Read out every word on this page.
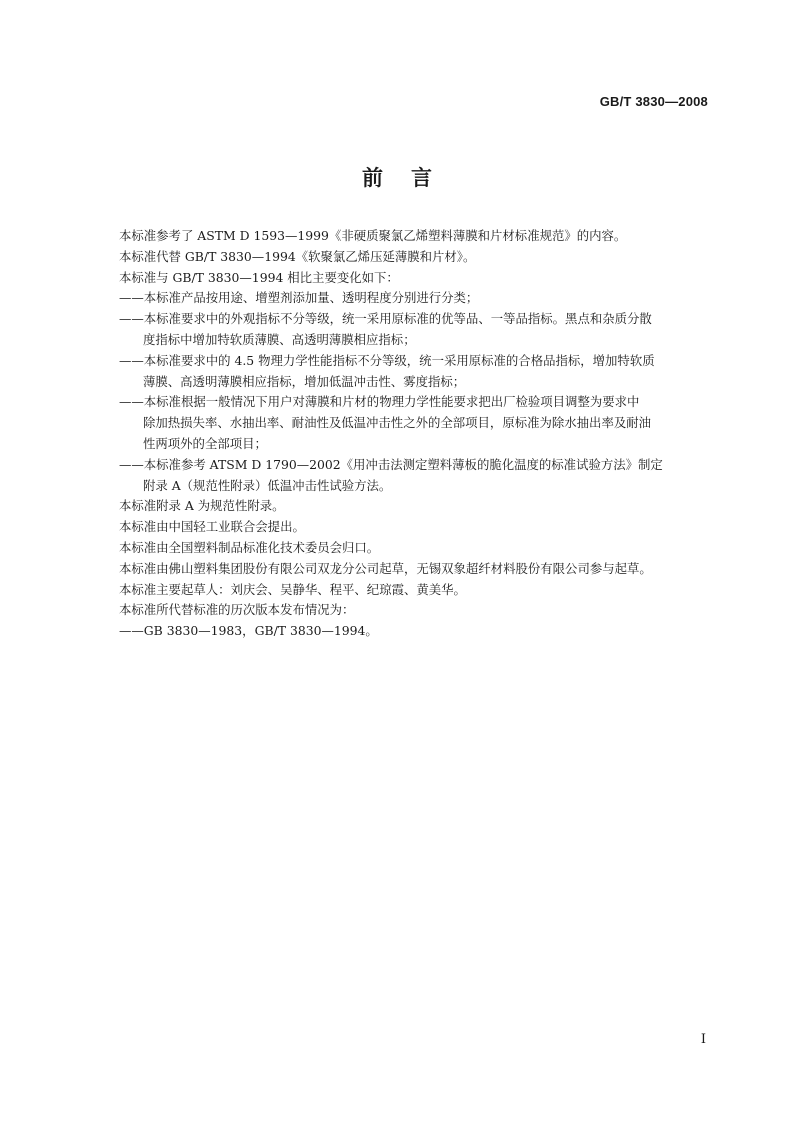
GB/T 3830—2008
前言

本标准参考了 ASTM D 1593—1999《非硬质聚氯乙烯塑料薄膜和片材标准规范》的内容。

本标准代替 GB/T 3830—1994《软聚氯乙烯压延薄膜和片材》。

本标准与 GB/T 3830—1994 相比主要变化如下：

——本标准产品按用途、增塑剂添加量、透明程度分别进行分类；
——本标准要求中的外观指标不分等级，统一采用原标准的优等品、一等品指标。黑点和杂质分散
度指标中增加特软质薄膜、高透明薄膜相应指标；
——本标准要求中的 4.5 物理力学性能指标不分等级，统一采用原标准的合格品指标，增加特软质
薄膜、高透明薄膜相应指标，增加低温冲击性、雾度指标；
——本标准根据一般情况下用户对薄膜和片材的物理力学性能要求把出厂检验项目调整为要求中
除加热损失率、水抽出率、耐油性及低温冲击性之外的全部项目，原标准为除水抽出率及耐油
性两项外的全部项目；
——本标准参考 ATSM D 1790—2002《用冲击法测定塑料薄板的脆化温度的标准试验方法》制定
附录 A（规范性附录）低温冲击性试验方法。

本标准附录 A 为规范性附录。

本标准由中国轻工业联合会提出。

本标准由全国塑料制品标准化技术委员会归口。

本标准由佛山塑料集团股份有限公司双龙分公司起草，无锡双象超纤材料股份有限公司参与起草。

本标准主要起草人：刘庆会、吴静华、程平、纪琼霞、黄美华。

本标准所代替标准的历次版本发布情况为：

——GB 3830—1983，GB/T 3830—1994。
I
